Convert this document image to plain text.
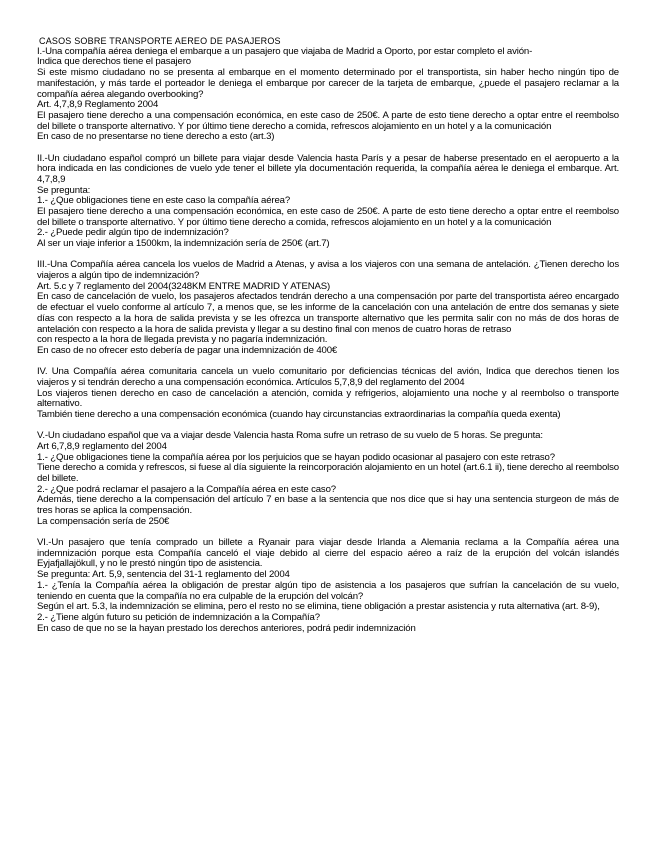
CASOS SOBRE TRANSPORTE AEREO DE PASAJEROS
I.-Una compañía aérea deniega el embarque a un pasajero que viajaba de Madrid a Oporto, por estar completo el avión-
Indica que derechos tiene el pasajero
Si este mismo ciudadano no se presenta al embarque en el momento determinado por el transportista, sin haber hecho ningún tipo de manifestación, y más tarde el porteador le deniega el embarque por carecer de la tarjeta de embarque, ¿puede el pasajero reclamar a la compañía aérea alegando overbooking?
Art. 4,7,8,9 Reglamento 2004
El pasajero tiene derecho a una compensación económica, en este caso de 250€. A parte de esto tiene derecho a optar entre el reembolso del billete o transporte alternativo. Y por último tiene derecho a comida, refrescos alojamiento en un hotel y a la comunicación
En caso de no presentarse no tiene derecho a esto (art.3)
II.-Un ciudadano español compró un billete para viajar desde Valencia hasta París y a pesar de haberse presentado en el aeropuerto a la hora indicada en las condiciones de vuelo yde tener el billete yla documentación requerida, la compañía aérea le deniega el embarque. Art. 4,7,8,9
Se pregunta:
1.- ¿Que obligaciones tiene en este caso la compañía aérea?
El pasajero tiene derecho a una compensación económica, en este caso de 250€. A parte de esto tiene derecho a optar entre el reembolso del billete o transporte alternativo. Y por último tiene derecho a comida, refrescos alojamiento en un hotel y a la comunicación
2.- ¿Puede pedir algún tipo de indemnización?
Al ser un viaje inferior a 1500km, la indemnización sería de 250€ (art.7)
III.-Una Compañía aérea cancela los vuelos de Madrid a Atenas, y avisa a los viajeros con una semana de antelación. ¿Tienen derecho los viajeros a algún tipo de indemnización?
Art. 5.c y 7 reglamento del 2004(3248KM ENTRE MADRID Y ATENAS)
En caso de cancelación de vuelo, los pasajeros afectados tendrán derecho a una compensación por parte del transportista aéreo encargado de efectuar el vuelo conforme al artículo 7, a menos que, se les informe de la cancelación con una antelación de entre dos semanas y siete días con respecto a la hora de salida prevista y se les ofrezca un transporte alternativo que les permita salir con no más de dos horas de antelación con respecto a la hora de salida prevista y llegar a su destino final con menos de cuatro horas de retraso
con respecto a la hora de llegada prevista y no pagaría indemnización.
En caso de no ofrecer esto debería de pagar una indemnización de 400€
IV. Una Compañía aérea comunitaria cancela un vuelo comunitario por deficiencias técnicas del avión, Indica que derechos tienen los viajeros y si tendrán derecho a una compensación económica. Artículos 5,7,8,9 del reglamento del 2004
Los viajeros tienen derecho en caso de cancelación a atención, comida y refrigerios, alojamiento una noche y al reembolso o transporte alternativo.
También tiene derecho a una compensación económica (cuando hay circunstancias extraordinarias la compañía queda exenta)
V.-Un ciudadano español que va a viajar desde Valencia hasta Roma sufre un retraso de su vuelo de 5 horas. Se pregunta:
Art 6,7,8,9 reglamento del 2004
1.- ¿Que obligaciones tiene la compañía aérea por los perjuicios que se hayan podido ocasionar al pasajero con este retraso?
Tiene derecho a comida y refrescos, si fuese al día siguiente la reincorporación alojamiento en un hotel (art.6.1 ii), tiene derecho al reembolso del billete.
2.- ¿Que podrá reclamar el pasajero a la Compañía aérea en este caso?
Además, tiene derecho a la compensación del artículo 7 en base a la sentencia que nos dice que si hay una sentencia sturgeon de más de tres horas se aplica la compensación.
La compensación sería de 250€
VI.-Un pasajero que tenía comprado un billete a Ryanair para viajar desde Irlanda a Alemania reclama a la Compañía aérea una indemnización porque esta Compañía canceló el viaje debido al cierre del espacio aéreo a raíz de la erupción del volcán islandés Eyjafjallajökull, y no le prestó ningún tipo de asistencia.
Se pregunta: Art. 5,9, sentencia del 31-1 reglamento del 2004
1.- ¿Tenía la Compañía aérea la obligación de prestar algún tipo de asistencia a los pasajeros que sufrían la cancelación de su vuelo, teniendo en cuenta que la compañía no era culpable de la erupción del volcán?
Según el art. 5.3, la indemnización se elimina, pero el resto no se elimina, tiene obligación a prestar asistencia y ruta alternativa (art. 8-9),
2.- ¿Tiene algún futuro su petición de indemnización a la Compañía?
En caso de que no se la hayan prestado los derechos anteriores, podrá pedir indemnización
